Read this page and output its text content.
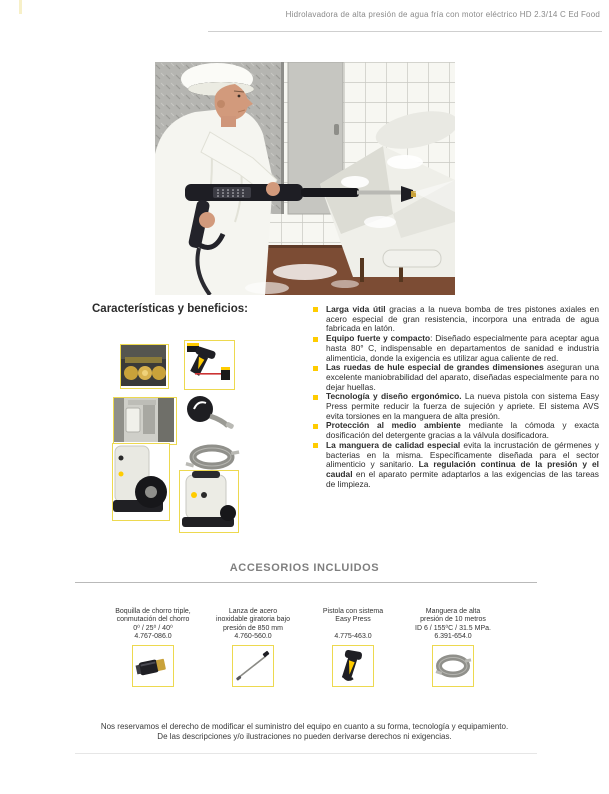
Hidrolavadora de alta presión de agua fría con motor eléctrico HD 2.3/14 C Ed Food
Características y beneficios:	Larga vida útil gracias a la nueva bomba de tres pistones axiales en acero especial de gran resistencia, incorpora una entrada de agua fabricada en latón.
Equipo fuerte y compacto: Diseñado especialmente para aceptar agua hasta 80° C, indispensable en departamentos de sanidad e industria alimenticia, donde la exigencia es utilizar agua caliente de red.
Las ruedas de hule especial de grandes dimensiones aseguran una excelente maniobrabilidad del aparato, diseñadas especialmente para no dejar huellas.
Tecnología y diseño ergonómico. La nueva pistola con sistema Easy Press permite reducir la fuerza de sujeción y apriete. El sistema AVS evita torsiones en la manguera de alta presión.
Protección al medio ambiente mediante la cómoda y exacta dosificación del detergente gracias a la válvula dosificadora.
La manguera de calidad especial evita la incrustación de gérmenes y bacterias en la misma. Específicamente diseñada para el sector alimenticio y sanitario. La regulación continua de la presión y el caudal en el aparato permite adaptarlos a las exigencias de las tareas de limpieza.
ACCESORIOS INCLUIDOS
Boquilla de chorro triple,
conmutación del chorro
0⁰ / 25⁰ / 40⁰
4.767-086.0
Lanza de acero
inoxidable giratoria bajo
presión de 850 mm
4.760-560.0
Pistola con sistema
Easy Press
4.775-463.0
Manguera de alta
presión de 10 metros
ID 6 / 155⁰C / 31.5 MPa.
6.391-654.0
Nos reservamos el derecho de modificar el suministro del equipo en cuanto a su forma, tecnología y equipamiento.
De las descripciones y/o ilustraciones no pueden derivarse derechos ni exigencias.
